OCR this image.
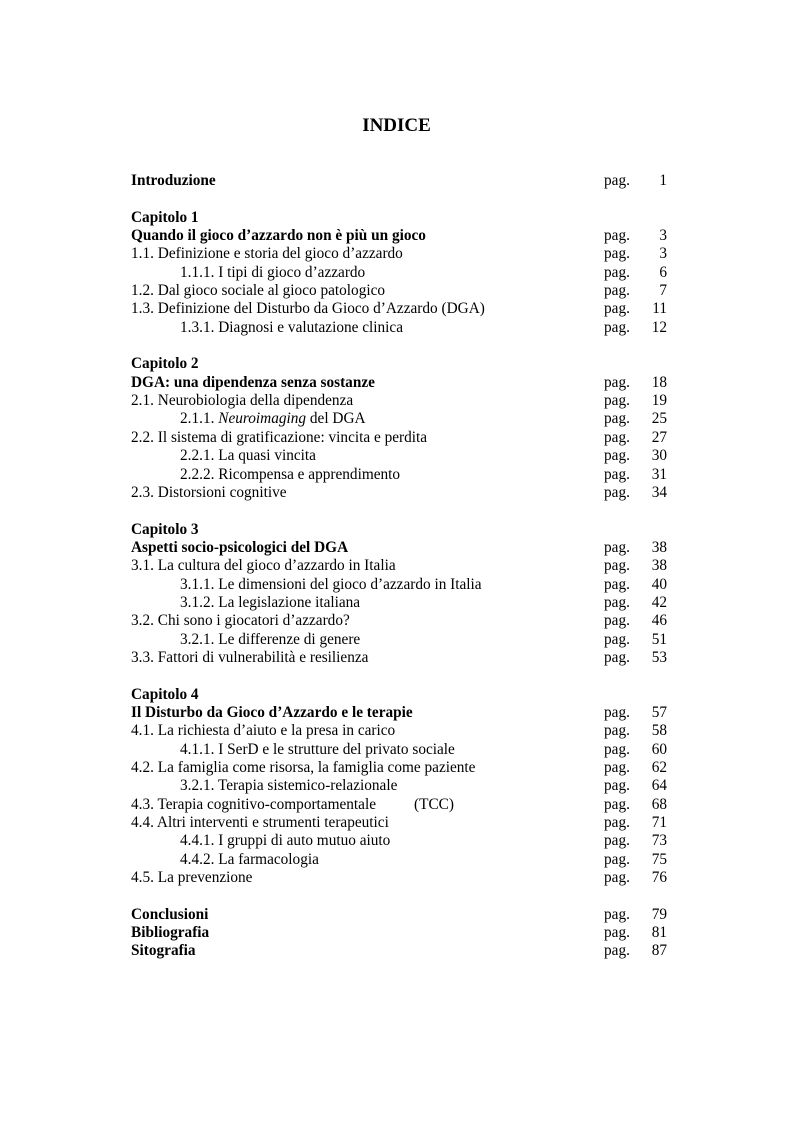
INDICE
Introduzione	pag. 1
Capitolo 1
Quando il gioco d’azzardo non è più un gioco	pag. 3
1.1. Definizione e storia del gioco d’azzardo	pag. 3
1.1.1. I tipi di gioco d’azzardo	pag. 6
1.2. Dal gioco sociale al gioco patologico	pag. 7
1.3. Definizione del Disturbo da Gioco d’Azzardo (DGA)	pag. 11
1.3.1. Diagnosi e valutazione clinica	pag. 12
Capitolo 2
DGA: una dipendenza senza sostanze	pag. 18
2.1. Neurobiologia della dipendenza	pag. 19
2.1.1. Neuroimaging del DGA	pag. 25
2.2. Il sistema di gratificazione: vincita e perdita	pag. 27
2.2.1. La quasi vincita	pag. 30
2.2.2. Ricompensa e apprendimento	pag. 31
2.3. Distorsioni cognitive	pag. 34
Capitolo 3
Aspetti socio-psicologici del DGA	pag. 38
3.1. La cultura del gioco d’azzardo in Italia	pag. 38
3.1.1. Le dimensioni del gioco d’azzardo in Italia	pag. 40
3.1.2. La legislazione italiana	pag. 42
3.2. Chi sono i giocatori d’azzardo?	pag. 46
3.2.1. Le differenze di genere	pag. 51
3.3. Fattori di vulnerabilità e resilienza	pag. 53
Capitolo 4
Il Disturbo da Gioco d’Azzardo e le terapie	pag. 57
4.1. La richiesta d’aiuto e la presa in carico	pag. 58
4.1.1. I SerD e le strutture del privato sociale	pag. 60
4.2. La famiglia come risorsa, la famiglia come paziente	pag. 62
3.2.1. Terapia sistemico-relazionale	pag. 64
4.3. Terapia cognitivo-comportamentale (TCC)	pag. 68
4.4. Altri interventi e strumenti terapeutici	pag. 71
4.4.1. I gruppi di auto mutuo aiuto	pag. 73
4.4.2. La farmacologia	pag. 75
4.5. La prevenzione	pag. 76
Conclusioni	pag. 79
Bibliografia	pag. 81
Sitografia	pag. 87
